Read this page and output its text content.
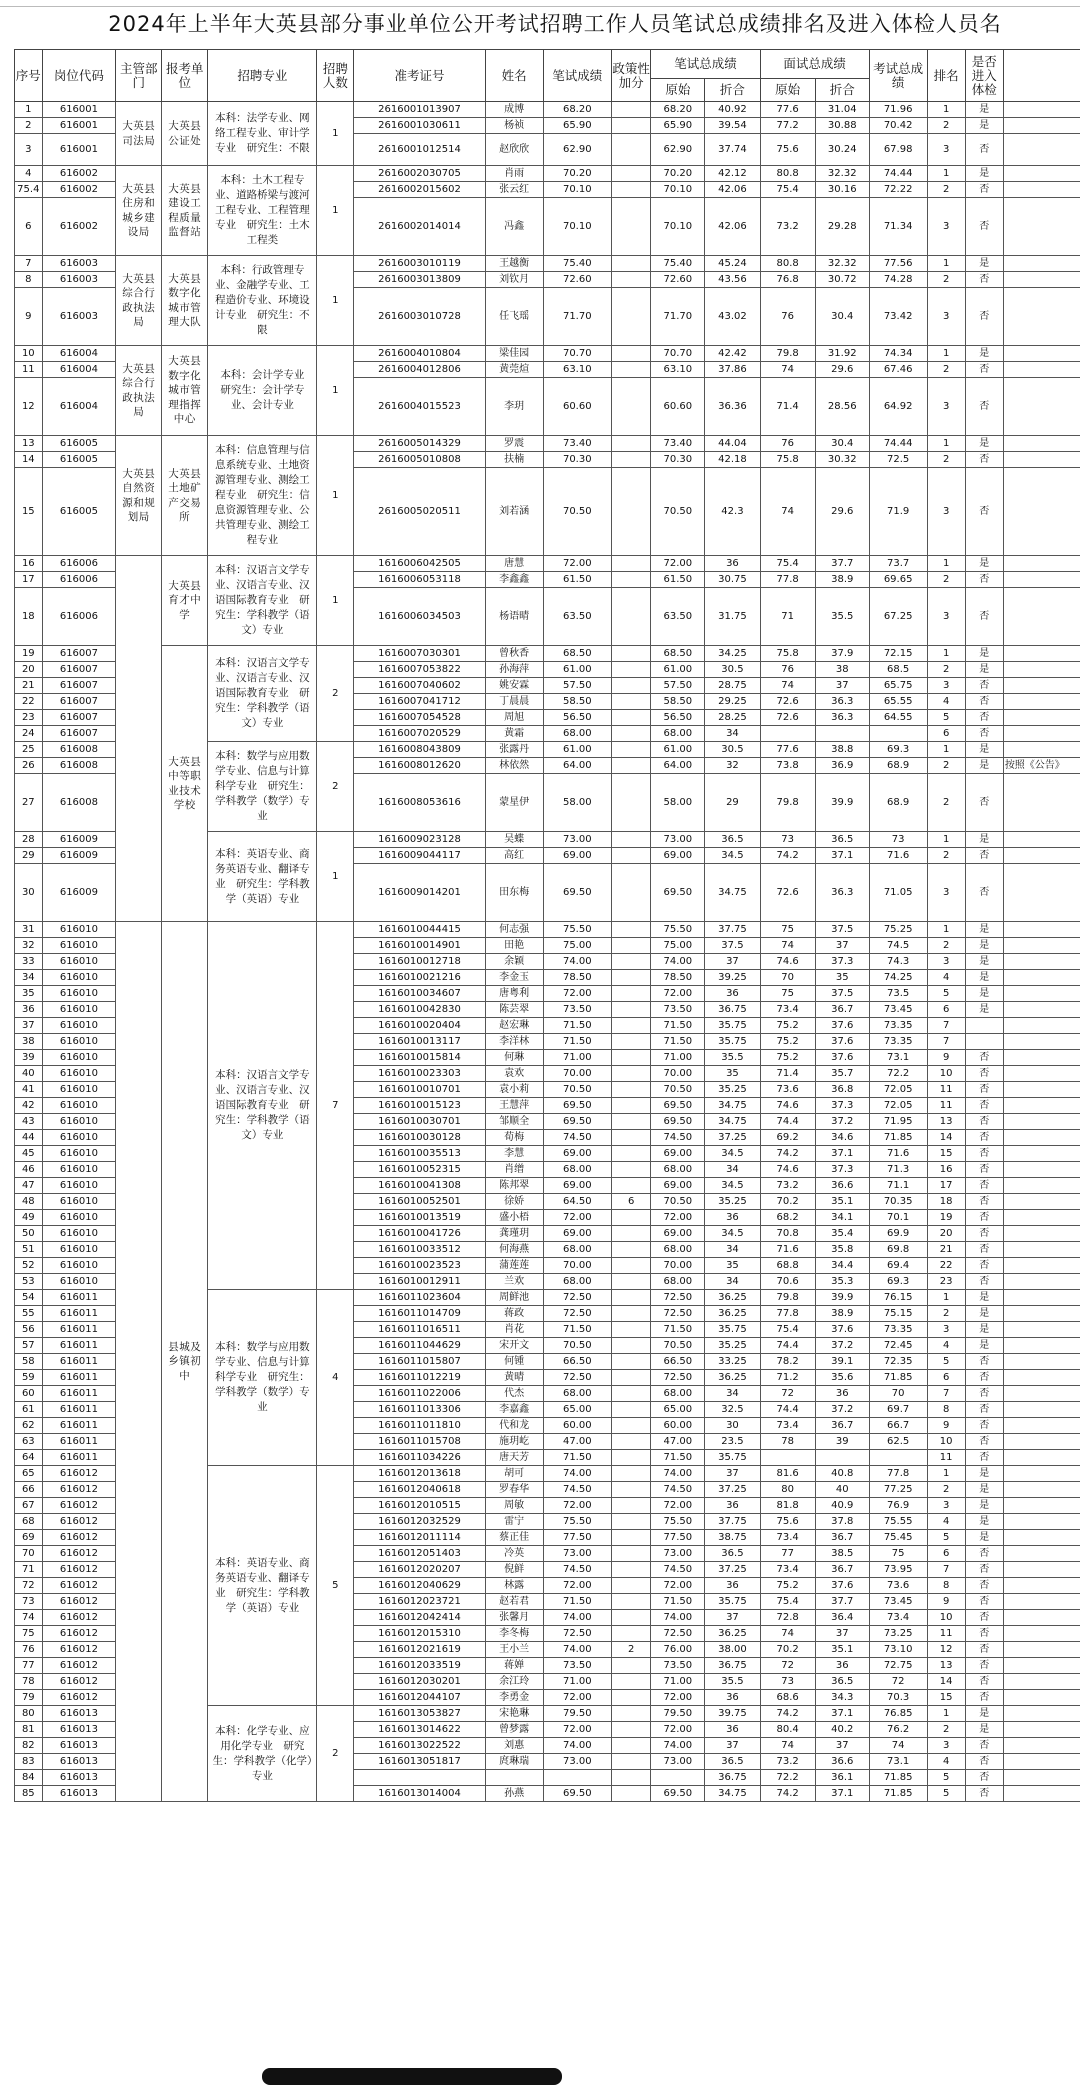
2024年上半年大英县部分事业单位公开考试招聘工作人员笔试总成绩排名及进入体检人员名
序号	岗位代码	主管部门	报考单位	招聘专业	招聘人数	准考证号	姓名	笔试成绩	政策性加分	笔试总成绩		面试总成绩		考试总成绩	排名	是否进入体检	
										原始	折合	原始	折合				
1	616001	大英县司法局	大英县公证处	本科：法学专业、网络工程专业、审计学专业　研究生：不限	1	2616001013907	成博	68.20		68.20	40.92	77.6	31.04	71.96	1	是	
2	616001					2616001030611	杨祯	65.90		65.90	39.54	77.2	30.88	70.42	2	是	
3	616001					2616001012514	赵欣欣	62.90		62.90	37.74	75.6	30.24	67.98	3	否	
4	616002	大英县住房和城乡建设局	大英县建设工程质量监督站	本科：土木工程专业、道路桥梁与渡河工程专业、工程管理专业　研究生：土木工程类	1	2616002030705	肖雨	70.20		70.20	42.12	80.8	32.32	74.44	1	是	
75.4	616002					2616002015602	张云红	70.10		70.10	42.06	75.4	30.16	72.22	2	否	
6	616002					2616002014014	冯鑫	70.10		70.10	42.06	73.2	29.28	71.34	3	否	
7	616003	大英县综合行政执法局	大英县数字化城市管理大队	本科：行政管理专业、金融学专业、工程造价专业、环境设计专业　研究生：不限	1	2616003010119	王越衡	75.40		75.40	45.24	80.8	32.32	77.56	1	是	
8	616003					2616003013809	刘钦月	72.60		72.60	43.56	76.8	30.72	74.28	2	否	
9	616003					2616003010728	任飞瑶	71.70		71.70	43.02	76	30.4	73.42	3	否	
10	616004	大英县综合行政执法局	大英县数字化城市管理指挥中心	本科：会计学专业　研究生：会计学专业、会计专业	1	2616004010804	梁佳园	70.70		70.70	42.42	79.8	31.92	74.34	1	是	
11	616004					2616004012806	黄莞煊	63.10		63.10	37.86	74	29.6	67.46	2	否	
12	616004					2616004015523	李玥	60.60		60.60	36.36	71.4	28.56	64.92	3	否	
13	616005	大英县自然资源和规划局	大英县土地矿产交易所	本科：信息管理与信息系统专业、土地资源管理专业、测绘工程专业　研究生：信息资源管理专业、公共管理专业、测绘工程专业	1	2616005014329	罗震	73.40		73.40	44.04	76	30.4	74.44	1	是	
14	616005					2616005010808	扶楠	70.30		70.30	42.18	75.8	30.32	72.5	2	否	
15	616005					2616005020511	刘若涵	70.50		70.50	42.3	74	29.6	71.9	3	否	
16	616006		大英县育才中学	本科：汉语言文学专业、汉语言专业、汉语国际教育专业　研究生：学科教学（语文）专业	1	1616006042505	唐慧	72.00		72.00	36	75.4	37.7	73.7	1	是	
17	616006					1616006053118	李鑫鑫	61.50		61.50	30.75	77.8	38.9	69.65	2	否	
18	616006					1616006034503	杨语晴	63.50		63.50	31.75	71	35.5	67.25	3	否	
19	616007		大英县中等职业技术学校	本科：汉语言文学专业、汉语言专业、汉语国际教育专业　研究生：学科教学（语文）专业	2	1616007030301	曾秋香	68.50		68.50	34.25	75.8	37.9	72.15	1	是	
20	616007					1616007053822	孙海萍	61.00		61.00	30.5	76	38	68.5	2	是	
21	616007					1616007040602	姚安霖	57.50		57.50	28.75	74	37	65.75	3	否	
22	616007					1616007041712	丁晨晨	58.50		58.50	29.25	72.6	36.3	65.55	4	否	
23	616007					1616007054528	周旭	56.50		56.50	28.25	72.6	36.3	64.55	5	否	
24	616007					1616007020529	黄霜	68.00		68.00	34				6	否	
25	616008			本科：数学与应用数学专业、信息与计算科学专业　研究生：学科教学（数学）专业	2	1616008043809	张露丹	61.00		61.00	30.5	77.6	38.8	69.3	1	是	
26	616008					1616008012620	林依然	64.00		64.00	32	73.8	36.9	68.9	2	是	按照《公告》
27	616008					1616008053616	蒙星伊	58.00		58.00	29	79.8	39.9	68.9	2	否	
28	616009			本科：英语专业、商务英语专业、翻译专业　研究生：学科教学（英语）专业	1	1616009023128	吴蝶	73.00		73.00	36.5	73	36.5	73	1	是	
29	616009					1616009044117	高红	69.00		69.00	34.5	74.2	37.1	71.6	2	否	
30	616009					1616009014201	田东梅	69.50		69.50	34.75	72.6	36.3	71.05	3	否	
31	616010		县城及乡镇初中	本科：汉语言文学专业、汉语言专业、汉语国际教育专业　研究生：学科教学（语文）专业	7	1616010044415	何志强	75.50		75.50	37.75	75	37.5	75.25	1	是	
32	616010					1616010014901	田艳	75.00		75.00	37.5	74	37	74.5	2	是	
33	616010					1616010012718	余颖	74.00		74.00	37	74.6	37.3	74.3	3	是	
34	616010					1616010021216	李金玉	78.50		78.50	39.25	70	35	74.25	4	是	
35	616010					1616010034607	唐粤利	72.00		72.00	36	75	37.5	73.5	5	是	
36	616010					1616010042830	陈芸翠	73.50		73.50	36.75	73.4	36.7	73.45	6	是	
37	616010					1616010020404	赵宏琳	71.50		71.50	35.75	75.2	37.6	73.35	7		
38	616010					1616010013117	李洋林	71.50		71.50	35.75	75.2	37.6	73.35	7		
39	616010					1616010015814	何琳	71.00		71.00	35.5	75.2	37.6	73.1	9	否	
40	616010					1616010023303	袁欢	70.00		70.00	35	71.4	35.7	72.2	10	否	
41	616010					1616010010701	袁小莉	70.50		70.50	35.25	73.6	36.8	72.05	11	否	
42	616010					1616010015123	王慧萍	69.50		69.50	34.75	74.6	37.3	72.05	11	否	
43	616010					1616010030701	邹顺全	69.50		69.50	34.75	74.4	37.2	71.95	13	否	
44	616010					1616010030128	荀梅	74.50		74.50	37.25	69.2	34.6	71.85	14	否	
45	616010					1616010035513	李慧	69.00		69.00	34.5	74.2	37.1	71.6	15	否	
46	616010					1616010052315	肖缯	68.00		68.00	34	74.6	37.3	71.3	16	否	
47	616010					1616010041308	陈邦翠	69.00		69.00	34.5	73.2	36.6	71.1	17	否	
48	616010					1616010052501	徐娇	64.50	6	70.50	35.25	70.2	35.1	70.35	18	否	
49	616010					1616010013519	盛小梧	72.00		72.00	36	68.2	34.1	70.1	19	否	
50	616010					1616010041726	龚瑾玥	69.00		69.00	34.5	70.8	35.4	69.9	20	否	
51	616010					1616010033512	何海燕	68.00		68.00	34	71.6	35.8	69.8	21	否	
52	616010					1616010023523	蒲莲莲	70.00		70.00	35	68.8	34.4	69.4	22	否	
53	616010					1616010012911	兰欢	68.00		68.00	34	70.6	35.3	69.3	23	否	
54	616011			本科：数学与应用数学专业、信息与计算科学专业　研究生：学科教学（数学）专业	4	1616011023604	周鲜池	72.50		72.50	36.25	79.8	39.9	76.15	1	是	
55	616011					1616011014709	蒋政	72.50		72.50	36.25	77.8	38.9	75.15	2	是	
56	616011					1616011016511	肖花	71.50		71.50	35.75	75.4	37.6	73.35	3	是	
57	616011					1616011044629	宋开文	70.50		70.50	35.25	74.4	37.2	72.45	4	是	
58	616011					1616011015807	何锺	66.50		66.50	33.25	78.2	39.1	72.35	5	否	
59	616011					1616011012219	黄晴	72.50		72.50	36.25	71.2	35.6	71.85	6	否	
60	616011					1616011022006	代杰	68.00		68.00	34	72	36	70	7	否	
61	616011					1616011013306	李嘉鑫	65.00		65.00	32.5	74.4	37.2	69.7	8	否	
62	616011					1616011011810	代和龙	60.00		60.00	30	73.4	36.7	66.7	9	否	
63	616011					1616011015708	施玥屹	47.00		47.00	23.5	78	39	62.5	10	否	
64	616011					1616011034226	唐天芳	71.50		71.50	35.75				11	否	
65	616012			本科：英语专业、商务英语专业、翻译专业　研究生：学科教学（英语）专业	5	1616012013618	胡可	74.00		74.00	37	81.6	40.8	77.8	1	是	
66	616012					1616012040618	罗春华	74.50		74.50	37.25	80	40	77.25	2	是	
67	616012					1616012010515	周敏	72.00		72.00	36	81.8	40.9	76.9	3	是	
68	616012					1616012032529	雷宁	75.50		75.50	37.75	75.6	37.8	75.55	4	是	
69	616012					1616012011114	蔡正佳	77.50		77.50	38.75	73.4	36.7	75.45	5	是	
70	616012					1616012051403	冷英	73.00		73.00	36.5	77	38.5	75	6	否	
71	616012					1616012020207	倪鲜	74.50		74.50	37.25	73.4	36.7	73.95	7	否	
72	616012					1616012040629	林露	72.00		72.00	36	75.2	37.6	73.6	8	否	
73	616012					1616012023721	赵若君	71.50		71.50	35.75	75.4	37.7	73.45	9	否	
74	616012					1616012042414	张馨月	74.00		74.00	37	72.8	36.4	73.4	10	否	
75	616012					1616012015310	李冬梅	72.50		72.50	36.25	74	37	73.25	11	否	
76	616012					1616012021619	王小兰	74.00	2	76.00	38.00	70.2	35.1	73.10	12	否	
77	616012					1616012033519	蒋婵	73.50		73.50	36.75	72	36	72.75	13	否	
78	616012					1616012030201	余江玲	71.00		71.00	35.5	73	36.5	72	14	否	
79	616012					1616012044107	李勇金	72.00		72.00	36	68.6	34.3	70.3	15	否	
80	616013			本科：化学专业、应用化学专业　研究生：学科教学（化学）专业	2	1616013053827	宋艳琳	79.50		79.50	39.75	74.2	37.1	76.85	1	是	
81	616013					1616013014622	曾梦露	72.00		72.00	36	80.4	40.2	76.2	2	是	
82	616013					1616013022522	刘惠	74.00		74.00	37	74	37	74	3	否	
83	616013					1616013051817	庹琳瑞	73.00		73.00	36.5	73.2	36.6	73.1	4	否	
84	616013										36.75	72.2	36.1	71.85	5	否	
85	616013					1616013014004	孙燕	69.50		69.50	34.75	74.2	37.1	71.85	5	否	
